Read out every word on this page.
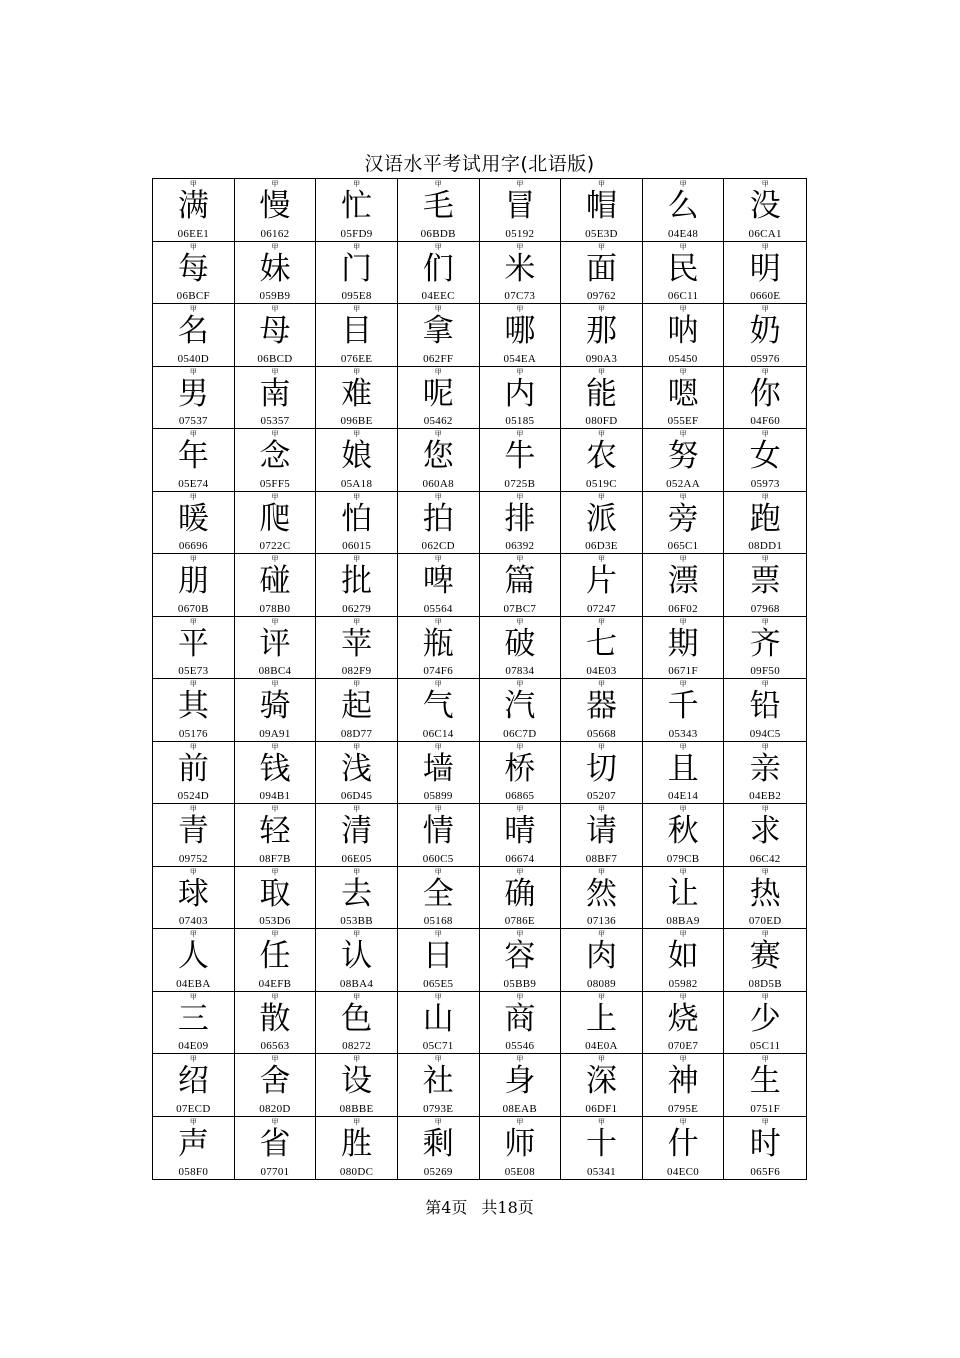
汉语水平考试用字(北语版)
甲
满
06EE1
甲
慢
06162
甲
忙
05FD9
甲
毛
06BDB
甲
冒
05192
甲
帽
05E3D
甲
么
04E48
甲
没
06CA1
甲
每
06BCF
甲
妹
059B9
甲
门
095E8
甲
们
04EEC
甲
米
07C73
甲
面
09762
甲
民
06C11
甲
明
0660E
甲
名
0540D
甲
母
06BCD
甲
目
076EE
甲
拿
062FF
甲
哪
054EA
甲
那
090A3
甲
呐
05450
甲
奶
05976
甲
男
07537
甲
南
05357
甲
难
096BE
甲
呢
05462
甲
内
05185
甲
能
080FD
甲
嗯
055EF
甲
你
04F60
甲
年
05E74
甲
念
05FF5
甲
娘
05A18
甲
您
060A8
甲
牛
0725B
甲
农
0519C
甲
努
052AA
甲
女
05973
甲
暖
06696
甲
爬
0722C
甲
怕
06015
甲
拍
062CD
甲
排
06392
甲
派
06D3E
甲
旁
065C1
甲
跑
08DD1
甲
朋
0670B
甲
碰
078B0
甲
批
06279
甲
啤
05564
甲
篇
07BC7
甲
片
07247
甲
漂
06F02
甲
票
07968
甲
平
05E73
甲
评
08BC4
甲
苹
082F9
甲
瓶
074F6
甲
破
07834
甲
七
04E03
甲
期
0671F
甲
齐
09F50
甲
其
05176
甲
骑
09A91
甲
起
08D77
甲
气
06C14
甲
汽
06C7D
甲
器
05668
甲
千
05343
甲
铅
094C5
甲
前
0524D
甲
钱
094B1
甲
浅
06D45
甲
墙
05899
甲
桥
06865
甲
切
05207
甲
且
04E14
甲
亲
04EB2
甲
青
09752
甲
轻
08F7B
甲
清
06E05
甲
情
060C5
甲
晴
06674
甲
请
08BF7
甲
秋
079CB
甲
求
06C42
甲
球
07403
甲
取
053D6
甲
去
053BB
甲
全
05168
甲
确
0786E
甲
然
07136
甲
让
08BA9
甲
热
070ED
甲
人
04EBA
甲
任
04EFB
甲
认
08BA4
甲
日
065E5
甲
容
05BB9
甲
肉
08089
甲
如
05982
甲
赛
08D5B
甲
三
04E09
甲
散
06563
甲
色
08272
甲
山
05C71
甲
商
05546
甲
上
04E0A
甲
烧
070E7
甲
少
05C11
甲
绍
07ECD
甲
舍
0820D
甲
设
08BBE
甲
社
0793E
甲
身
08EAB
甲
深
06DF1
甲
神
0795E
甲
生
0751F
甲
声
058F0
甲
省
07701
甲
胜
080DC
甲
剩
05269
甲
师
05E08
甲
十
05341
甲
什
04EC0
甲
时
065F6
第4页 共18页
